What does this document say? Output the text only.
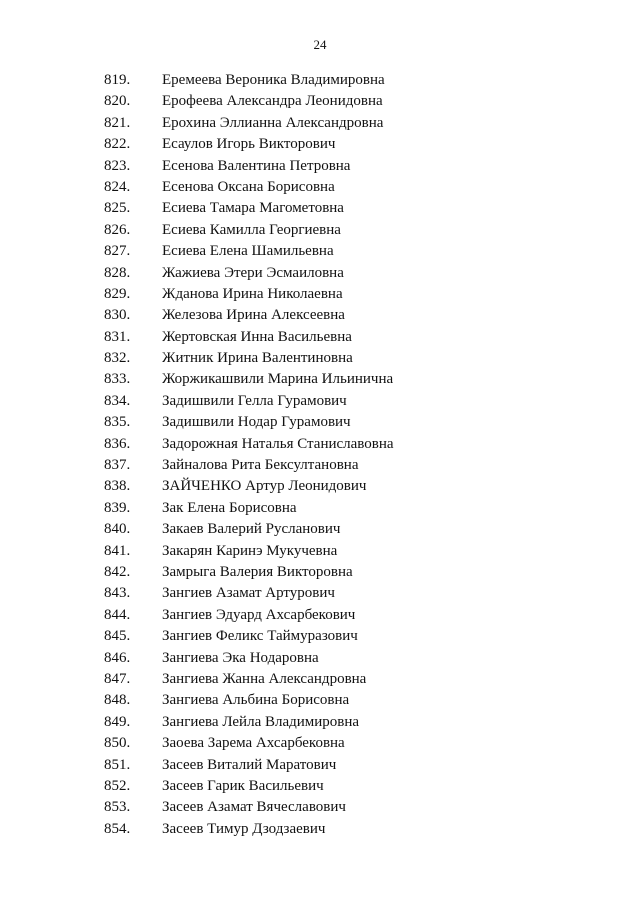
24
819. Еремеева Вероника Владимировна
820. Ерофеева Александра Леонидовна
821. Ерохина Эллианна Александровна
822. Есаулов Игорь Викторович
823. Есенова Валентина Петровна
824. Есенова Оксана Борисовна
825. Есиева Тамара Магометовна
826. Есиева Камилла Георгиевна
827. Есиева Елена Шамильевна
828. Жажиева Этери Эсмаиловна
829. Жданова Ирина Николаевна
830. Железова Ирина Алексеевна
831. Жертовская Инна Васильевна
832. Житник Ирина Валентиновна
833. Жоржикашвили Марина Ильинична
834. Задишвили Гелла Гурамович
835. Задишвили Нодар Гурамович
836. Задорожная Наталья Станиславовна
837. Зайналова Рита Бексултановна
838. ЗАЙЧЕНКО Артур Леонидович
839. Зак Елена Борисовна
840. Закаев Валерий Русланович
841. Закарян Каринэ Мукучевна
842. Замрыга Валерия Викторовна
843. Зангиев Азамат Артурович
844. Зангиев Эдуард Ахсарбекович
845. Зангиев Феликс Таймуразович
846. Зангиева Эка Нодаровна
847. Зангиева Жанна Александровна
848. Зангиева Альбина Борисовна
849. Зангиева Лейла Владимировна
850. Заоева Зарема Ахсарбековна
851. Засеев Виталий Маратович
852. Засеев Гарик Васильевич
853. Засеев Азамат Вячеславович
854. Засеев Тимур Дзодзаевич
